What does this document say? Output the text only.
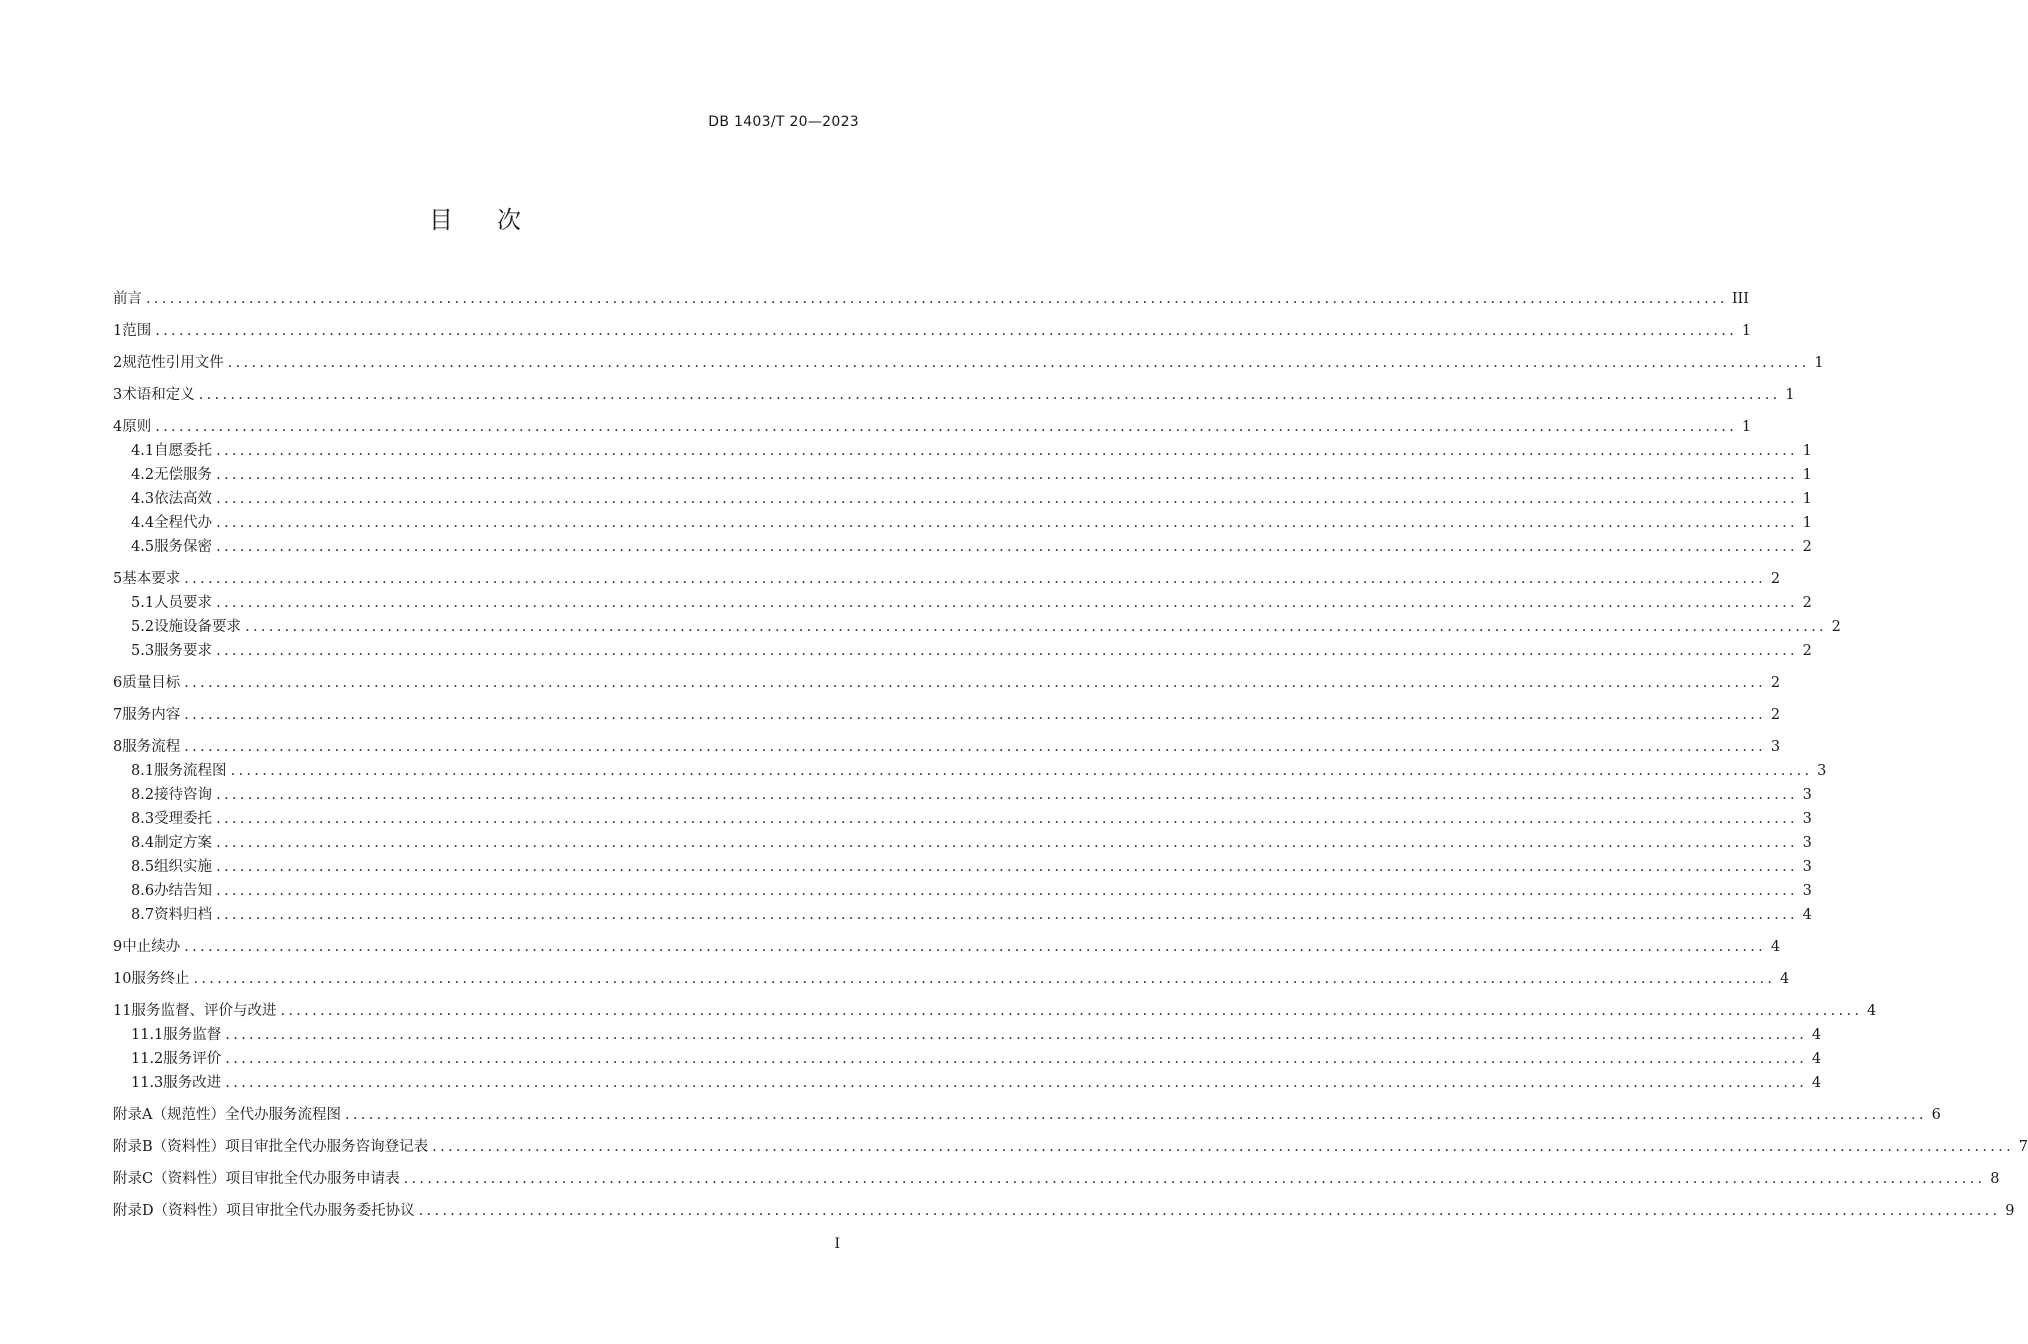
DB 1403/T 20—2023
目次
前言 ........................................................................................................................................................................................................ III
1 范围 ........................................................................................................................................................................................................ 1
2 规范性引用文件 ........................................................................................................................................................................................................ 1
3 术语和定义 ........................................................................................................................................................................................................ 1
4 原则 ........................................................................................................................................................................................................ 1
4.1 自愿委托 ........................................................................................................................................................................................................ 1
4.2 无偿服务 ........................................................................................................................................................................................................ 1
4.3 依法高效 ........................................................................................................................................................................................................ 1
4.4 全程代办 ........................................................................................................................................................................................................ 1
4.5 服务保密 ........................................................................................................................................................................................................ 2
5 基本要求 ........................................................................................................................................................................................................ 2
5.1 人员要求 ........................................................................................................................................................................................................ 2
5.2 设施设备要求 ........................................................................................................................................................................................................ 2
5.3 服务要求 ........................................................................................................................................................................................................ 2
6 质量目标 ........................................................................................................................................................................................................ 2
7 服务内容 ........................................................................................................................................................................................................ 2
8 服务流程 ........................................................................................................................................................................................................ 3
8.1 服务流程图 ........................................................................................................................................................................................................ 3
8.2 接待咨询 ........................................................................................................................................................................................................ 3
8.3 受理委托 ........................................................................................................................................................................................................ 3
8.4 制定方案 ........................................................................................................................................................................................................ 3
8.5 组织实施 ........................................................................................................................................................................................................ 3
8.6 办结告知 ........................................................................................................................................................................................................ 3
8.7 资料归档 ........................................................................................................................................................................................................ 4
9 中止续办 ........................................................................................................................................................................................................ 4
10 服务终止 ........................................................................................................................................................................................................ 4
11 服务监督、评价与改进 ........................................................................................................................................................................................................ 4
11.1 服务监督 ........................................................................................................................................................................................................ 4
11.2 服务评价 ........................................................................................................................................................................................................ 4
11.3 服务改进 ........................................................................................................................................................................................................ 4
附录A（规范性） 全代办服务流程图 ........................................................................................................................................................................................................ 6
附录B（资料性） 项目审批全代办服务咨询登记表 ........................................................................................................................................................................................................ 7
附录C（资料性） 项目审批全代办服务申请表 ........................................................................................................................................................................................................ 8
附录D（资料性） 项目审批全代办服务委托协议 ........................................................................................................................................................................................................ 9
I
